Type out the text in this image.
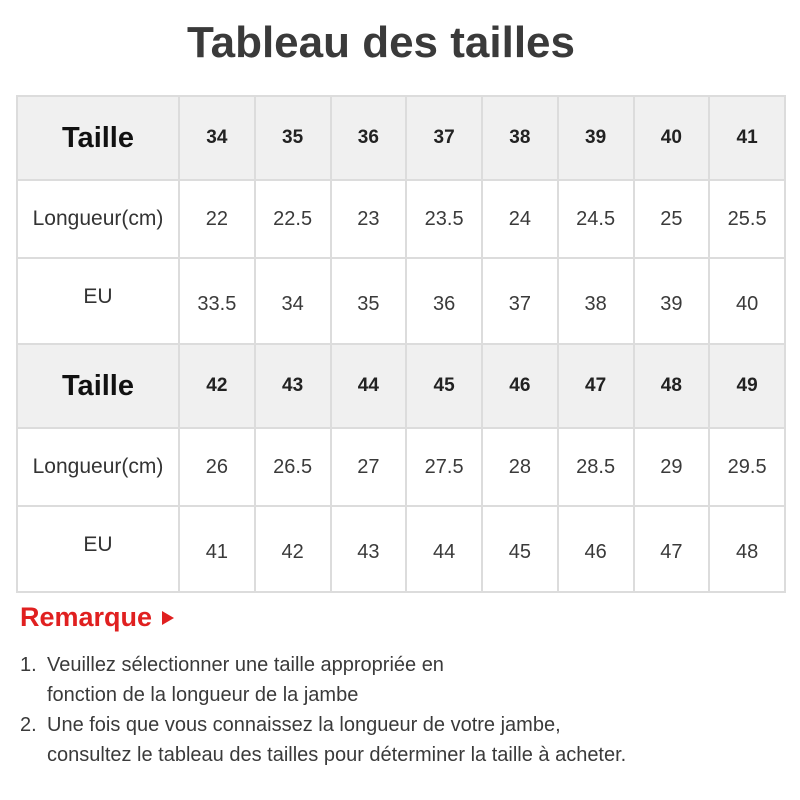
Tableau des tailles
Taille	34	35	36	37	38	39	40	41
Longueur(cm)	22	22.5	23	23.5	24	24.5	25	25.5
EU	33.5	34	35	36	37	38	39	40
Taille	42	43	44	45	46	47	48	49
Longueur(cm)	26	26.5	27	27.5	28	28.5	29	29.5
EU	41	42	43	44	45	46	47	48
Remarque
1. Veuillez sélectionner une taille appropriée en
fonction de la longueur de la jambe
2. Une fois que vous connaissez la longueur de votre jambe,
consultez le tableau des tailles pour déterminer la taille à acheter.
